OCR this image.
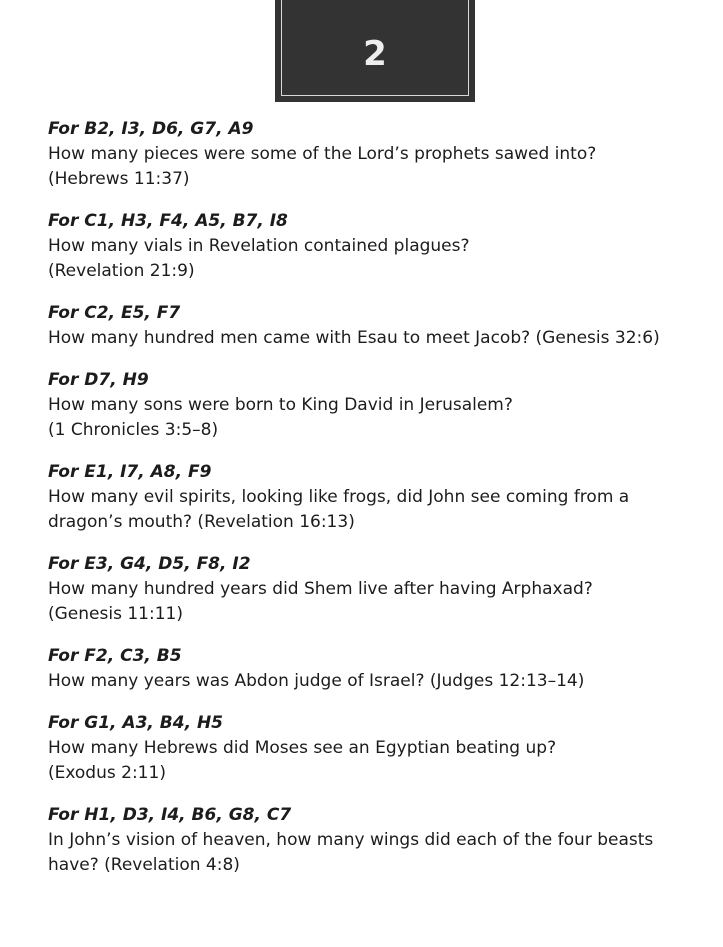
2
For B2, I3, D6, G7, A9
How many pieces were some of the Lord’s prophets sawed into?
(Hebrews 11:37)
For C1, H3, F4, A5, B7, I8
How many vials in Revelation contained plagues?
(Revelation 21:9)
For C2, E5, F7
How many hundred men came with Esau to meet Jacob? (Genesis 32:6)
For D7, H9
How many sons were born to King David in Jerusalem?
(1 Chronicles 3:5–8)
For E1, I7, A8, F9
How many evil spirits, looking like frogs, did John see coming from a
dragon’s mouth? (Revelation 16:13)
For E3, G4, D5, F8, I2
How many hundred years did Shem live after having Arphaxad?
(Genesis 11:11)
For F2, C3, B5
How many years was Abdon judge of Israel? (Judges 12:13–14)
For G1, A3, B4, H5
How many Hebrews did Moses see an Egyptian beating up?
(Exodus 2:11)
For H1, D3, I4, B6, G8, C7
In John’s vision of heaven, how many wings did each of the four beasts
have? (Revelation 4:8)
